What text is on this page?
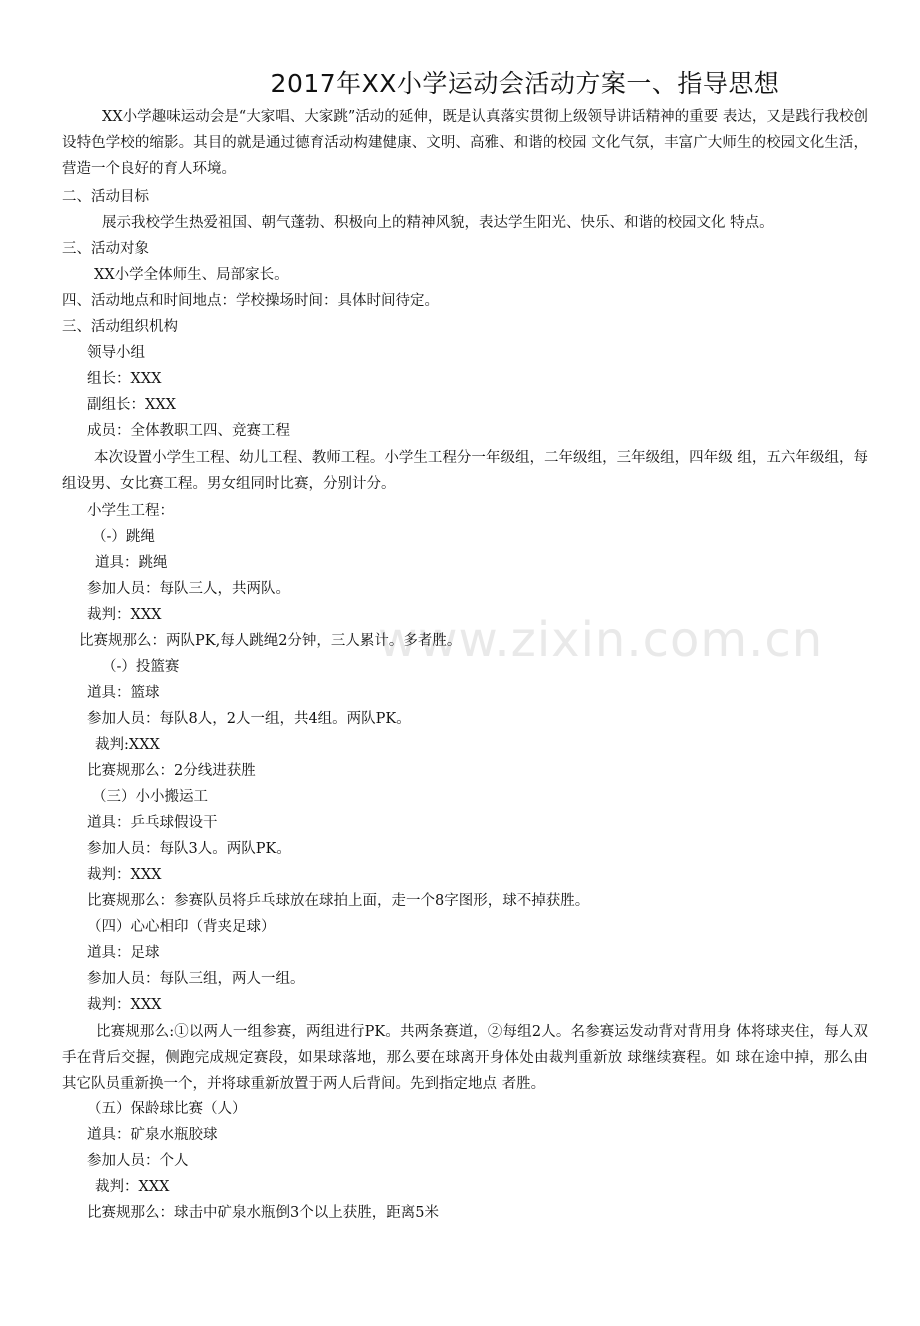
www.zixin.com.cn
2017年XX小学运动会活动方案一、指导思想
XX小学趣味运动会是“大家唱、大家跳”活动的延伸，既是认真落实贯彻上级领导讲话精神的重要 表达，又是践行我校创设特色学校的缩影。其目的就是通过德育活动构建健康、文明、高雅、和谐的校园 文化气氛，丰富广大师生的校园文化生活，营造一个良好的育人环境。
二、活动目标
展示我校学生热爱祖国、朝气蓬勃、积极向上的精神风貌，表达学生阳光、快乐、和谐的校园文化 特点。
三、活动对象
XX小学全体师生、局部家长。
四、活动地点和时间地点：学校操场时间：具体时间待定。
三、活动组织机构
领导小组
组长：XXX
副组长：XXX
成员：全体教职工四、竞赛工程
本次设置小学生工程、幼儿工程、教师工程。小学生工程分一年级组，二年级组，三年级组，四年级 组，五六年级组，每组设男、女比赛工程。男女组同时比赛，分别计分。
小学生工程：
（-）跳绳
道具：跳绳
参加人员：每队三人，共两队。
裁判：XXX
比赛规那么：两队PK,每人跳绳2分钟，三人累计。多者胜。
（-）投篮赛
道具：篮球
参加人员：每队8人，2人一组，共4组。两队PK。
裁判:XXX
比赛规那么：2分线进获胜
（三）小小搬运工
道具：乒乓球假设干
参加人员：每队3人。两队PK。
裁判：XXX
比赛规那么：参赛队员将乒乓球放在球拍上面，走一个8字图形，球不掉获胜。
（四）心心相印（背夹足球）
道具：足球
参加人员：每队三组，两人一组。
裁判：XXX
比赛规那么:①以两人一组参赛，两组进行PK。共两条赛道，②每组2人。名参赛运发动背对背用身 体将球夹住，每人双手在背后交握，侧跑完成规定赛段，如果球落地，那么要在球离开身体处由裁判重新放 球继续赛程。如 球在途中掉，那么由其它队员重新换一个，并将球重新放置于两人后背间。先到指定地点 者胜。
（五）保龄球比赛（人）
道具：矿泉水瓶胶球
参加人员：个人
裁判：XXX
比赛规那么：球击中矿泉水瓶倒3个以上获胜，距离5米
